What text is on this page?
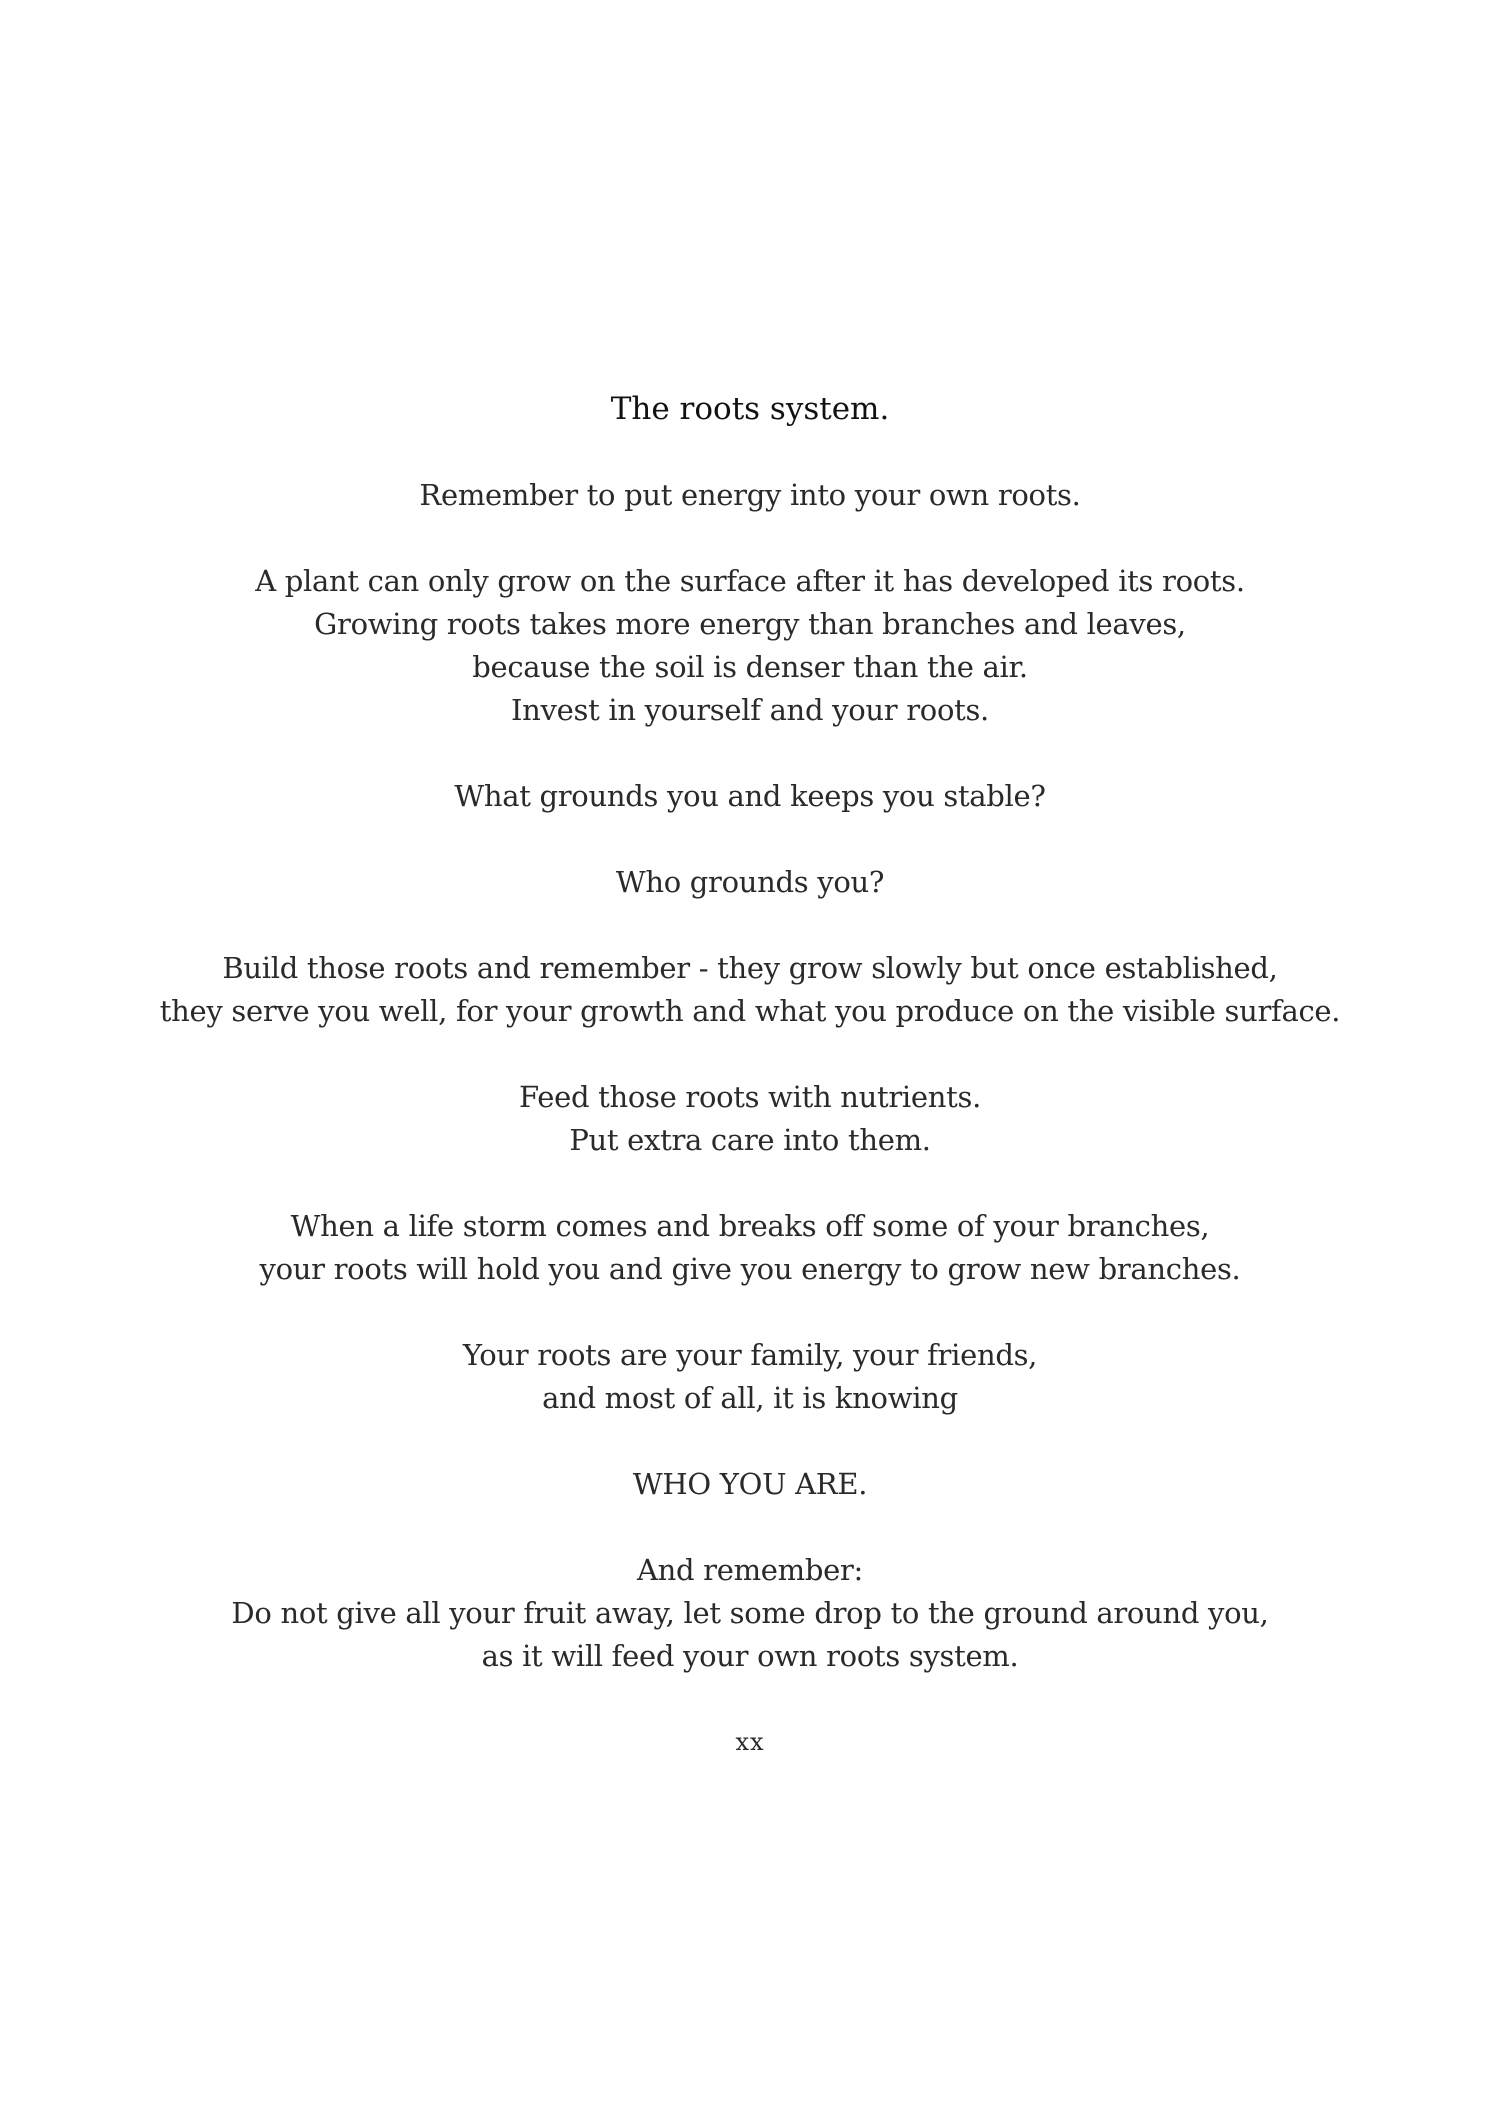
The roots system.
Remember to put energy into your own roots.
A plant can only grow on the surface after it has developed its roots.
Growing roots takes more energy than branches and leaves,
because the soil is denser than the air.
Invest in yourself and your roots.
What grounds you and keeps you stable?
Who grounds you?
Build those roots and remember - they grow slowly but once established,
they serve you well, for your growth and what you produce on the visible surface.
Feed those roots with nutrients.
Put extra care into them.
When a life storm comes and breaks off some of your branches,
your roots will hold you and give you energy to grow new branches.
Your roots are your family, your friends,
and most of all, it is knowing
WHO YOU ARE.
And remember:
Do not give all your fruit away, let some drop to the ground around you,
as it will feed your own roots system.
xx
